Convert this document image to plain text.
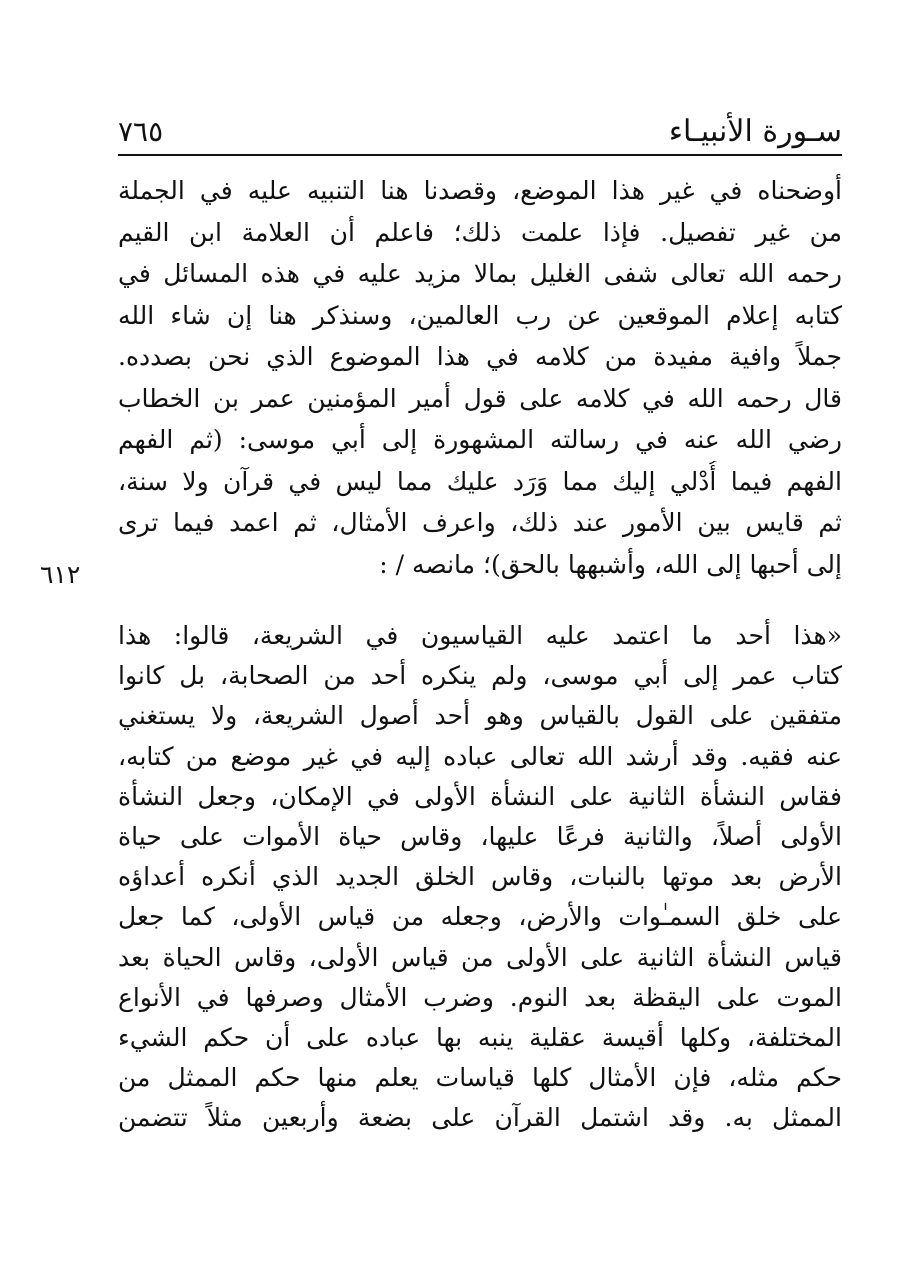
سـورة الأنبيـاء
٧٦٥
أوضحناه في غير هذا الموضع، وقصدنا هنا التنبيه عليه في الجملة
من غير تفصيل. فإذا علمت ذلك؛ فاعلم أن العلامة ابن القيم
رحمه الله تعالى شفى الغليل بمالا مزيد عليه في هذه المسائل في
كتابه إعلام الموقعين عن رب العالمين، وسنذكر هنا إن شاء الله
جملاً وافية مفيدة من كلامه في هذا الموضوع الذي نحن بصدده.
قال رحمه الله في كلامه على قول أمير المؤمنين عمر بن الخطاب
رضي الله عنه في رسالته المشهورة إلى أبي موسى: (ثم الفهم
الفهم فيما أُدْلي إليك مما وَرَد عليك مما ليس في قرآن ولا سنة،
ثم قايس بين الأمور عند ذلك، واعرف الأمثال، ثم اعمد فيما ترى
إلى أحبها إلى الله، وأشبهها بالحق)؛ مانصه / :
٦١٢
«هذا أحد ما اعتمد عليه القياسيون في الشريعة، قالوا: هذا
كتاب عمر إلى أبي موسى، ولم ينكره أحد من الصحابة، بل كانوا
متفقين على القول بالقياس وهو أحد أصول الشريعة، ولا يستغني
عنه فقيه. وقد أرشد الله تعالى عباده إليه في غير موضع من كتابه،
فقاس النشأة الثانية على النشأة الأولى في الإمكان، وجعل النشأة
الأولى أصلاً، والثانية فرعًا عليها، وقاس حياة الأموات على حياة
الأرض بعد موتها بالنبات، وقاس الخلق الجديد الذي أنكره أعداؤه
على خلق السمـٰوات والأرض، وجعله من قياس الأولى، كما جعل
قياس النشأة الثانية على الأولى من قياس الأولى، وقاس الحياة بعد
الموت على اليقظة بعد النوم. وضرب الأمثال وصرفها في الأنواع
المختلفة، وكلها أقيسة عقلية ينبه بها عباده على أن حكم الشيء
حكم مثله، فإن الأمثال كلها قياسات يعلم منها حكم الممثل من
الممثل به. وقد اشتمل القرآن على بضعة وأربعين مثلاً تتضمن
